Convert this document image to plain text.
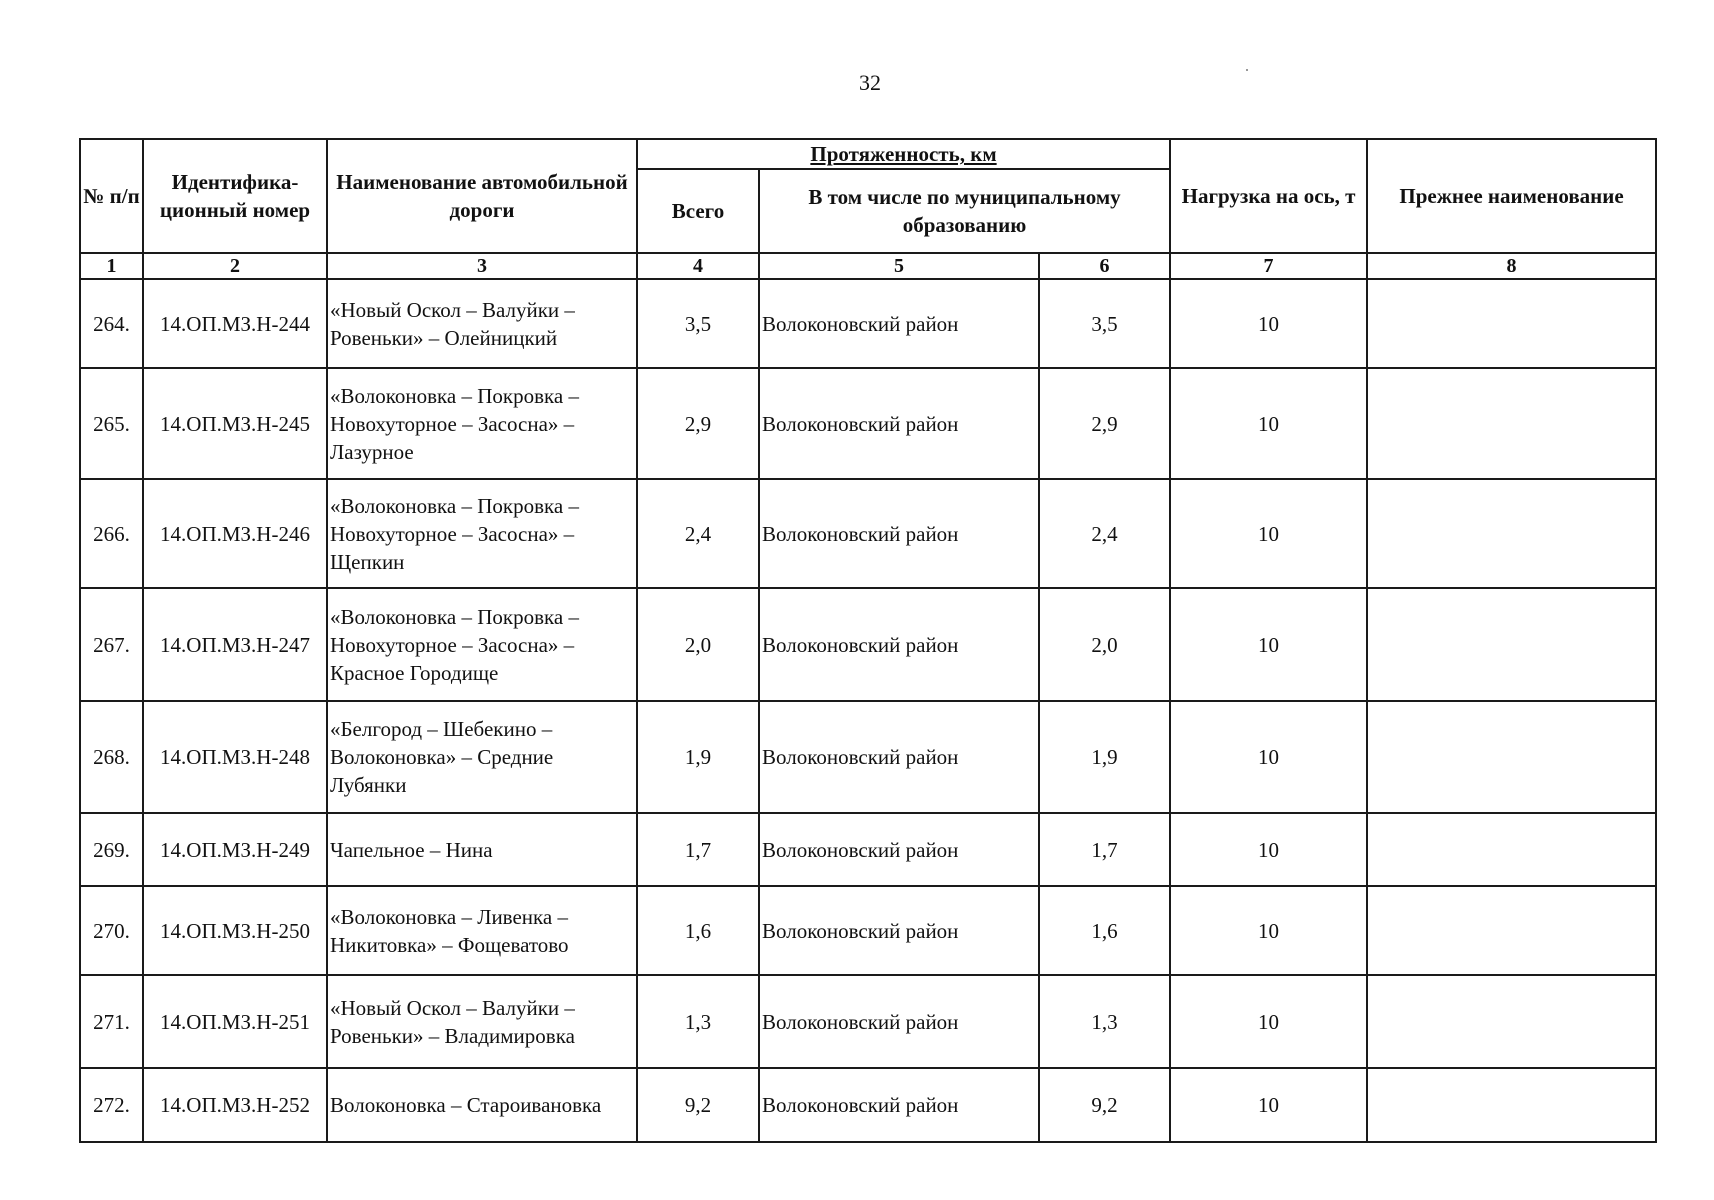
32
№ п/п	Идентифика-ционный номер	Наименование автомобильной дороги	Протяженность, км			Нагрузка на ось, т	Прежнее наименование
			Всего	В том числе по муниципальному образованию			
1	2	3	4	5	6	7	8
264.	14.ОП.МЗ.Н-244	«Новый Оскол – Валуйки – Ровеньки» – Олейницкий	3,5	Волоконовский район	3,5	10	
265.	14.ОП.МЗ.Н-245	«Волоконовка – Покровка – Новохуторное – Засосна» – Лазурное	2,9	Волоконовский район	2,9	10	
266.	14.ОП.МЗ.Н-246	«Волоконовка – Покровка – Новохуторное – Засосна» – Щепкин	2,4	Волоконовский район	2,4	10	
267.	14.ОП.МЗ.Н-247	«Волоконовка – Покровка – Новохуторное – Засосна» – Красное Городище	2,0	Волоконовский район	2,0	10	
268.	14.ОП.МЗ.Н-248	«Белгород – Шебекино – Волоконовка» – Средние Лубянки	1,9	Волоконовский район	1,9	10	
269.	14.ОП.МЗ.Н-249	Чапельное – Нина	1,7	Волоконовский район	1,7	10	
270.	14.ОП.МЗ.Н-250	«Волоконовка – Ливенка – Никитовка» – Фощеватово	1,6	Волоконовский район	1,6	10	
271.	14.ОП.МЗ.Н-251	«Новый Оскол – Валуйки – Ровеньки» – Владимировка	1,3	Волоконовский район	1,3	10	
272.	14.ОП.МЗ.Н-252	Волоконовка – Староивановка	9,2	Волоконовский район	9,2	10	
